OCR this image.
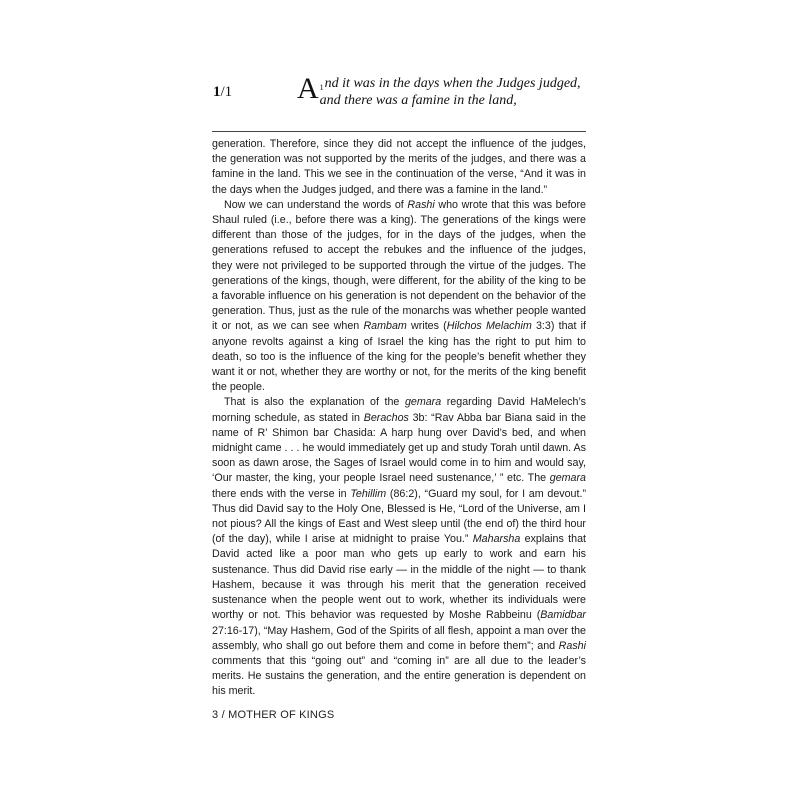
1/1	$^1$
A nd it was in the days when the Judges judged, and there was a famine in the land,

generation. Therefore, since they did not accept the influence of the judges, the generation was not supported by the merits of the judges, and there was a famine in the land. This we see in the continuation of the verse, “And it was in the days when the Judges judged, and there was a famine in the land.”

Now we can understand the words of Rashi who wrote that this was before Shaul ruled (i.e., before there was a king). The generations of the kings were different than those of the judges, for in the days of the judges, when the generations refused to accept the rebukes and the influence of the judges, they were not privileged to be supported through the virtue of the judges. The generations of the kings, though, were different, for the ability of the king to be a favorable influence on his generation is not dependent on the behavior of the generation. Thus, just as the rule of the monarchs was whether people wanted it or not, as we can see when Rambam writes (Hilchos Melachim 3:3) that if anyone revolts against a king of Israel the king has the right to put him to death, so too is the influence of the king for the people’s benefit whether they want it or not, whether they are worthy or not, for the merits of the king benefit the people.

That is also the explanation of the gemara regarding David HaMelech’s morning schedule, as stated in Berachos 3b: “Rav Abba bar Biana said in the name of R’ Shimon bar Chasida: A harp hung over David’s bed, and when midnight came . . . he would immediately get up and study Torah until dawn. As soon as dawn arose, the Sages of Israel would come in to him and would say, ‘Our master, the king, your people Israel need sustenance,’ ” etc. The gemara there ends with the verse in Tehillim (86:2), “Guard my soul, for I am devout.” Thus did David say to the Holy One, Blessed is He, “Lord of the Universe, am I not pious? All the kings of East and West sleep until (the end of) the third hour (of the day), while I arise at midnight to praise You.” Maharsha explains that David acted like a poor man who gets up early to work and earn his sustenance. Thus did David rise early — in the middle of the night — to thank Hashem, because it was through his merit that the generation received sustenance when the people went out to work, whether its individuals were worthy or not. This behavior was requested by Moshe Rabbeinu (Bamidbar 27:16-17), “May Hashem, God of the Spirits of all flesh, appoint a man over the assembly, who shall go out before them and come in before them”; and Rashi comments that this “going out” and “coming in” are all due to the leader’s merits. He sustains the generation, and the entire generation is dependent on his merit.

3 / MOTHER OF KINGS
